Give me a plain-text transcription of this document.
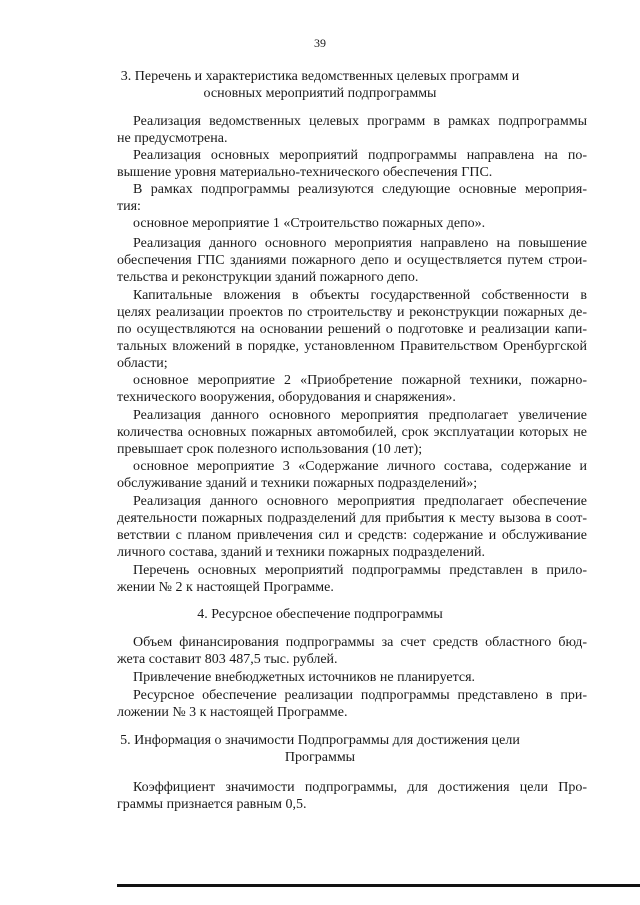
39
3. Перечень и характеристика ведомственных целевых программ и
основных мероприятий подпрограммы
Реализация ведомственных целевых программ в рамках подпрограммы
не предусмотрена.
Реализация основных мероприятий подпрограммы направлена на по-
вышение уровня материально-технического обеспечения ГПС.
В рамках подпрограммы реализуются следующие основные мероприя-
тия:
основное мероприятие 1 «Строительство пожарных депо».
Реализация данного основного мероприятия направлено на повышение
обеспечения ГПС зданиями пожарного депо и осуществляется путем строи-
тельства и реконструкции зданий пожарного депо.
Капитальные вложения в объекты государственной собственности в
целях реализации проектов по строительству и реконструкции пожарных де-
по осуществляются на основании решений о подготовке и реализации капи-
тальных вложений в порядке, установленном Правительством Оренбургской
области;
основное мероприятие 2 «Приобретение пожарной техники, пожарно-
технического вооружения, оборудования и снаряжения».
Реализация данного основного мероприятия предполагает увеличение
количества основных пожарных автомобилей, срок эксплуатации которых не
превышает срок полезного использования (10 лет);
основное мероприятие 3 «Содержание личного состава, содержание и
обслуживание зданий и техники пожарных подразделений»;
Реализация данного основного мероприятия предполагает обеспечение
деятельности пожарных подразделений для прибытия к месту вызова в соот-
ветствии с планом привлечения сил и средств: содержание и обслуживание
личного состава, зданий и техники пожарных подразделений.
Перечень основных мероприятий подпрограммы представлен в прило-
жении № 2 к настоящей Программе.
4. Ресурсное обеспечение подпрограммы
Объем финансирования подпрограммы за счет средств областного бюд-
жета составит 803 487,5 тыс. рублей.
Привлечение внебюджетных источников не планируется.
Ресурсное обеспечение реализации подпрограммы представлено в при-
ложении № 3 к настоящей Программе.
5. Информация о значимости Подпрограммы для достижения цели
Программы
Коэффициент значимости подпрограммы, для достижения цели Про-
граммы признается равным 0,5.
